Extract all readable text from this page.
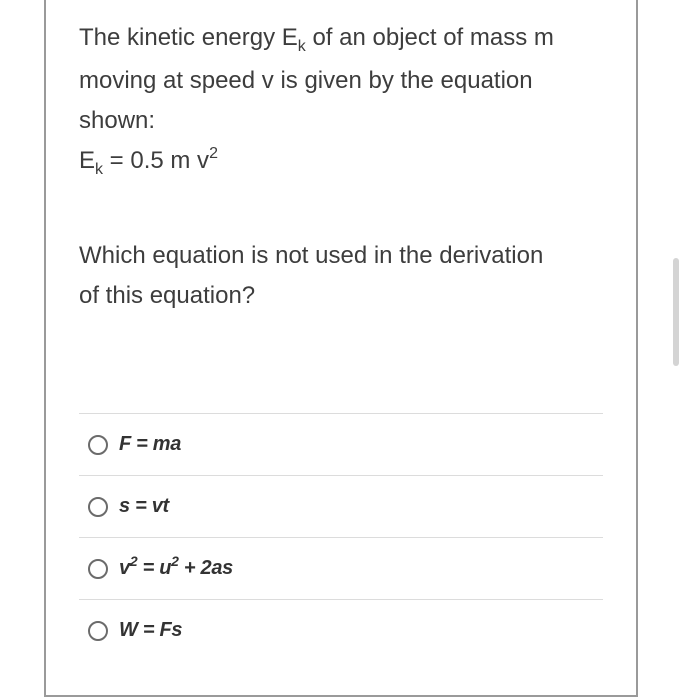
The kinetic energy $E_k$ of an object of mass m

moving at speed v is given by the equation

shown:

$E_k = 0.5$ m $v^2$

Which equation is not used in the derivation

of this equation?

F = ma
s = vt
$v^2 = u^2 + 2as$
W = Fs
